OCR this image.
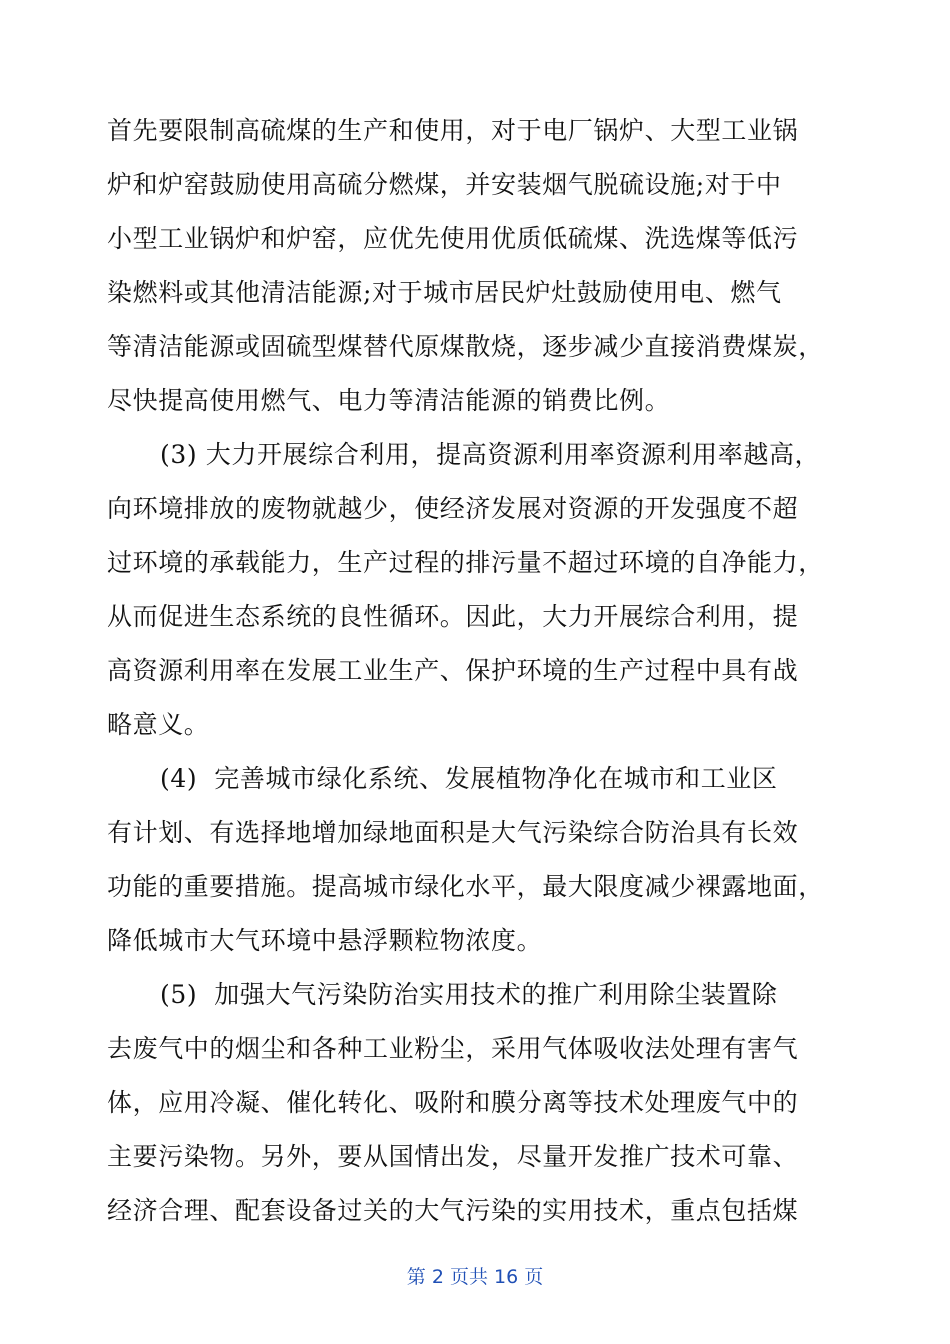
首先要限制高硫煤的生产和使用，对于电厂锅炉、大型工业锅
炉和炉窑鼓励使用高硫分燃煤，并安装烟气脱硫设施;对于中
小型工业锅炉和炉窑，应优先使用优质低硫煤、洗选煤等低污
染燃料或其他清洁能源;对于城市居民炉灶鼓励使用电、燃气
等清洁能源或固硫型煤替代原煤散烧，逐步减少直接消费煤炭，
尽快提高使用燃气、电力等清洁能源的销费比例。
(3) 大力开展综合利用，提高资源利用率资源利用率越高，
向环境排放的废物就越少，使经济发展对资源的开发强度不超
过环境的承载能力，生产过程的排污量不超过环境的自净能力，
从而促进生态系统的良性循环。因此，大力开展综合利用，提
高资源利用率在发展工业生产、保护环境的生产过程中具有战
略意义。
(4)  完善城市绿化系统、发展植物净化在城市和工业区
有计划、有选择地增加绿地面积是大气污染综合防治具有长效
功能的重要措施。提高城市绿化水平，最大限度减少裸露地面，
降低城市大气环境中悬浮颗粒物浓度。
(5)  加强大气污染防治实用技术的推广利用除尘装置除
去废气中的烟尘和各种工业粉尘，采用气体吸收法处理有害气
体，应用冷凝、催化转化、吸附和膜分离等技术处理废气中的
主要污染物。另外，要从国情出发，尽量开发推广技术可靠、
经济合理、配套设备过关的大气污染的实用技术，重点包括煤
第 2 页共 16 页
